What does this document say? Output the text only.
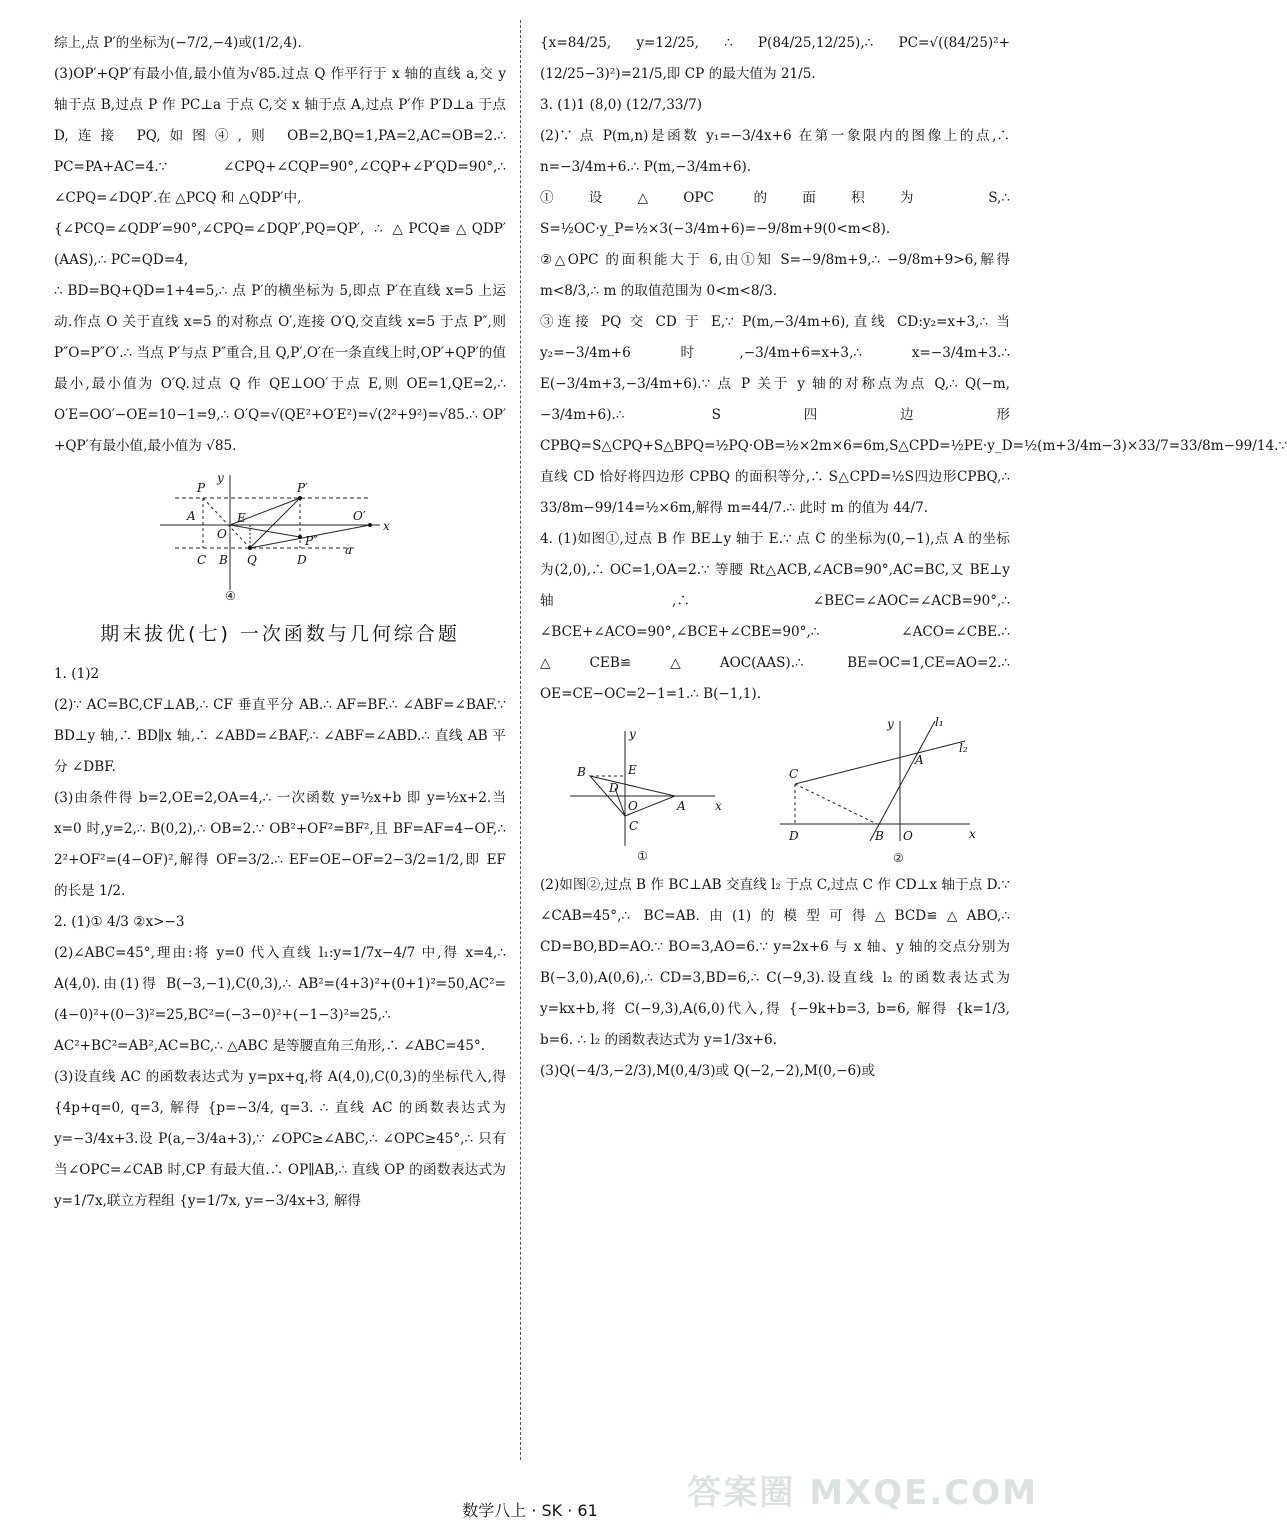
综上,点 P′的坐标为(−7/2,−4)或(1/2,4).

(3)OP′+QP′有最小值,最小值为√85.过点 Q 作平行于 x 轴的直线 a,交 y 轴于点 B,过点 P 作 PC⊥a 于点 C,交 x 轴于点 A,过点 P′作 P′D⊥a 于点 D,连接 PQ,如图④,则 OB=2,BQ=1,PA=2,AC=OB=2.∴ PC=PA+AC=4.∵ ∠CPQ+∠CQP=90°,∠CQP+∠P′QD=90°,∴ ∠CPQ=∠DQP′.在 △PCQ 和 △QDP′中,

{∠PCQ=∠QDP′=90°,∠CPQ=∠DQP′,PQ=QP′, ∴ △PCQ≌△QDP′(AAS),∴ PC=QD=4,

∴ BD=BQ+QD=1+4=5,∴ 点 P′的横坐标为 5,即点 P′在直线 x=5 上运动.作点 O 关于直线 x=5 的对称点 O′,连接 O′Q,交直线 x=5 于点 P″,则 P″O=P″O′.∴ 当点 P′与点 P″重合,且 Q,P′,O′在一条直线上时,OP′+QP′的值最小,最小值为 O′Q.过点 Q 作 QE⊥OO′于点 E,则 OE=1,QE=2,∴ O′E=OO′−OE=10−1=9,∴ O′Q=√(QE²+O′E²)=√(2²+9²)=√85.∴ OP′+QP′有最小值,最小值为 √85.

y
P	P′
A	E	O′
x
O	P″
C B Q	D
a
④
期末拔优(七) 一次函数与几何综合题

1. (1)2

(2)∵ AC=BC,CF⊥AB,∴ CF 垂直平分 AB.∴ AF=BF.∴ ∠ABF=∠BAF.∵ BD⊥y 轴,∴ BD∥x 轴,∴ ∠ABD=∠BAF,∴ ∠ABF=∠ABD.∴ 直线 AB 平分 ∠DBF.

(3)由条件得 b=2,OE=2,OA=4,∴ 一次函数 y=½x+b 即 y=½x+2.当 x=0 时,y=2,∴ B(0,2),∴ OB=2.∵ OB²+OF²=BF²,且 BF=AF=4−OF,∴ 2²+OF²=(4−OF)²,解得 OF=3/2.∴ EF=OE−OF=2−3/2=1/2,即 EF 的长是 1/2.

2. (1)① 4/3 ②x>−3

(2)∠ABC=45°,理由:将 y=0 代入直线 l₁:y=1/7x−4/7 中,得 x=4,∴ A(4,0).由(1)得 B(−3,−1),C(0,3),∴ AB²=(4+3)²+(0+1)²=50,AC²=(4−0)²+(0−3)²=25,BC²=(−3−0)²+(−1−3)²=25,∴ AC²+BC²=AB²,AC=BC,∴ △ABC 是等腰直角三角形,∴ ∠ABC=45°.

(3)设直线 AC 的函数表达式为 y=px+q,将 A(4,0),C(0,3)的坐标代入,得 {4p+q=0, q=3, 解得 {p=−3/4, q=3. ∴ 直线 AC 的函数表达式为 y=−3/4x+3.设 P(a,−3/4a+3),∵ ∠OPC≥∠ABC,∴ ∠OPC≥45°,∴ 只有当∠OPC=∠CAB 时,CP 有最大值.∴ OP∥AB,∴ 直线 OP 的函数表达式为 y=1/7x,联立方程组 {y=1/7x, y=−3/4x+3, 解得

{x=84/25, y=12/25, ∴ P(84/25,12/25),∴ PC=√((84/25)²+(12/25−3)²)=21/5,即 CP 的最大值为 21/5.

3. (1)1 (8,0) (12/7,33/7)

(2)∵ 点 P(m,n)是函数 y₁=−3/4x+6 在第一象限内的图像上的点,∴ n=−3/4m+6.∴ P(m,−3/4m+6).

①设△OPC 的面积为 S,∴ S=½OC·y_P=½×3(−3/4m+6)=−9/8m+9(0<m<8).

②△OPC 的面积能大于 6,由①知 S=−9/8m+9,∴ −9/8m+9>6,解得 m<8/3,∴ m 的取值范围为 0<m<8/3.

③连接 PQ 交 CD 于 E,∵ P(m,−3/4m+6),直线 CD:y₂=x+3,∴ 当 y₂=−3/4m+6 时,−3/4m+6=x+3,∴ x=−3/4m+3.∴ E(−3/4m+3,−3/4m+6).∵ 点 P 关于 y 轴的对称点为点 Q,∴ Q(−m,−3/4m+6).∴ S四边形CPBQ=S△CPQ+S△BPQ=½PQ·OB=½×2m×6=6m,S△CPD=½PE·y_D=½(m+3/4m−3)×33/7=33/8m−99/14.∵ 直线 CD 恰好将四边形 CPBQ 的面积等分,∴ S△CPD=½S四边形CPBQ,∴ 33/8m−99/14=½×6m,解得 m=44/7.∴ 此时 m 的值为 44/7.

4. (1)如图①,过点 B 作 BE⊥y 轴于 E.∵ 点 C 的坐标为(0,−1),点 A 的坐标为(2,0),∴ OC=1,OA=2.∵ 等腰 Rt△ACB,∠ACB=90°,AC=BC,又 BE⊥y 轴,∴ ∠BEC=∠AOC=∠ACB=90°,∴ ∠BCE+∠ACO=90°,∠BCE+∠CBE=90°,∴ ∠ACO=∠CBE.∴ △CEB≌△AOC(AAS).∴ BE=OC=1,CE=AO=2.∴ OE=CE−OC=2−1=1.∴ B(−1,1).

y
B	E
D
O	A x
C
①
y	l₁
l₂
A
C
D	B O	x
②

(2)如图②,过点 B 作 BC⊥AB 交直线 l₂ 于点 C,过点 C 作 CD⊥x 轴于点 D.∵ ∠CAB=45°,∴ BC=AB.由(1)的模型可得△BCD≌△ABO,∴ CD=BO,BD=AO.∵ BO=3,AO=6.∵ y=2x+6 与 x 轴、y 轴的交点分别为 B(−3,0),A(0,6),∴ CD=3,BD=6,∴ C(−9,3).设直线 l₂ 的函数表达式为 y=kx+b,将 C(−9,3),A(6,0)代入,得 {−9k+b=3, b=6, 解得 {k=1/3, b=6. ∴ l₂ 的函数表达式为 y=1/3x+6.

(3)Q(−4/3,−2/3),M(0,4/3)或 Q(−2,−2),M(0,−6)或

数学八上 · SK · 61	答案圈 MXQE.COM
